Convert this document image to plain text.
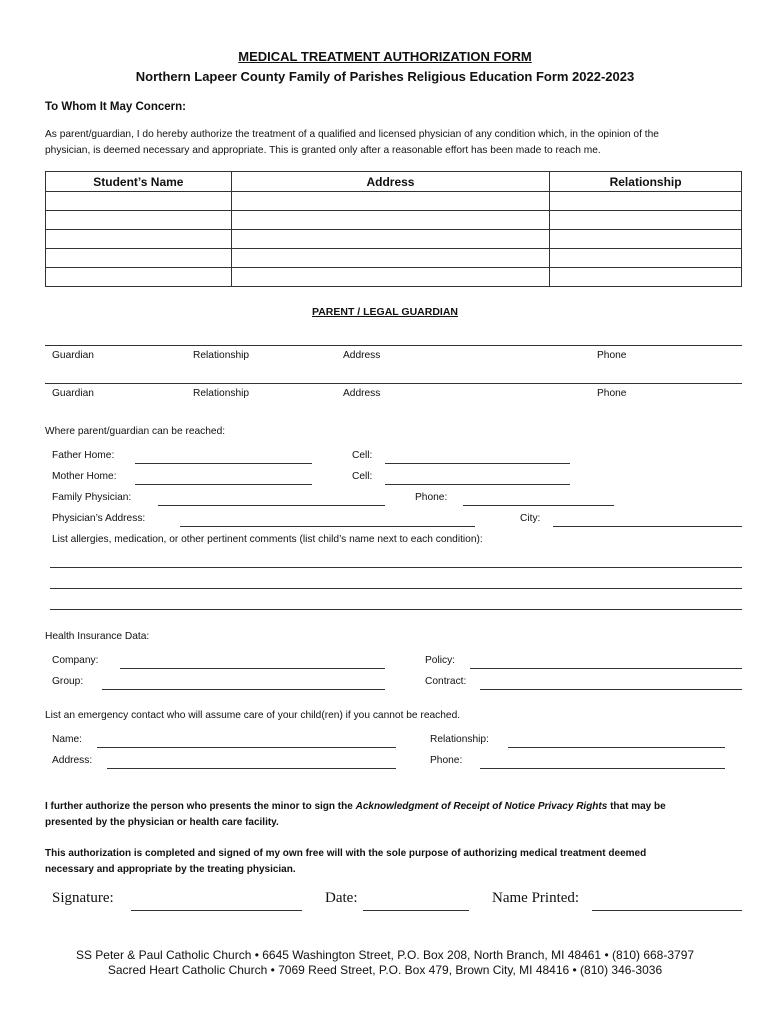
MEDICAL TREATMENT AUTHORIZATION FORM
Northern Lapeer County Family of Parishes Religious Education Form 2022-2023
To Whom It May Concern:
As parent/guardian, I do hereby authorize the treatment of a qualified and licensed physician of any condition which, in the opinion of the
physician, is deemed necessary and appropriate. This is granted only after a reasonable effort has been made to reach me.
Student’s Name	Address	Relationship

PARENT / LEGAL GUARDIAN
Guardian	Relationship	Address	Phone
Guardian	Relationship	Address	Phone
Where parent/guardian can be reached:
Father Home:	Cell:
Mother Home:	Cell:
Family Physician:	Phone:
Physician’s Address:	City:
List allergies, medication, or other pertinent comments (list child’s name next to each condition):
Health Insurance Data:
Company:	Policy:
Group:	Contract:
List an emergency contact who will assume care of your child(ren) if you cannot be reached.
Name:	Relationship:
Address:	Phone:
I further authorize the person who presents the minor to sign the Acknowledgment of Receipt of Notice Privacy Rights that may be
presented by the physician or health care facility.
This authorization is completed and signed of my own free will with the sole purpose of authorizing medical treatment deemed
necessary and appropriate by the treating physician.
Signature:	Date:	Name Printed:
SS Peter & Paul Catholic Church • 6645 Washington Street, P.O. Box 208, North Branch, MI 48461 • (810) 668-3797
Sacred Heart Catholic Church • 7069 Reed Street, P.O. Box 479, Brown City, MI 48416 • (810) 346-3036
